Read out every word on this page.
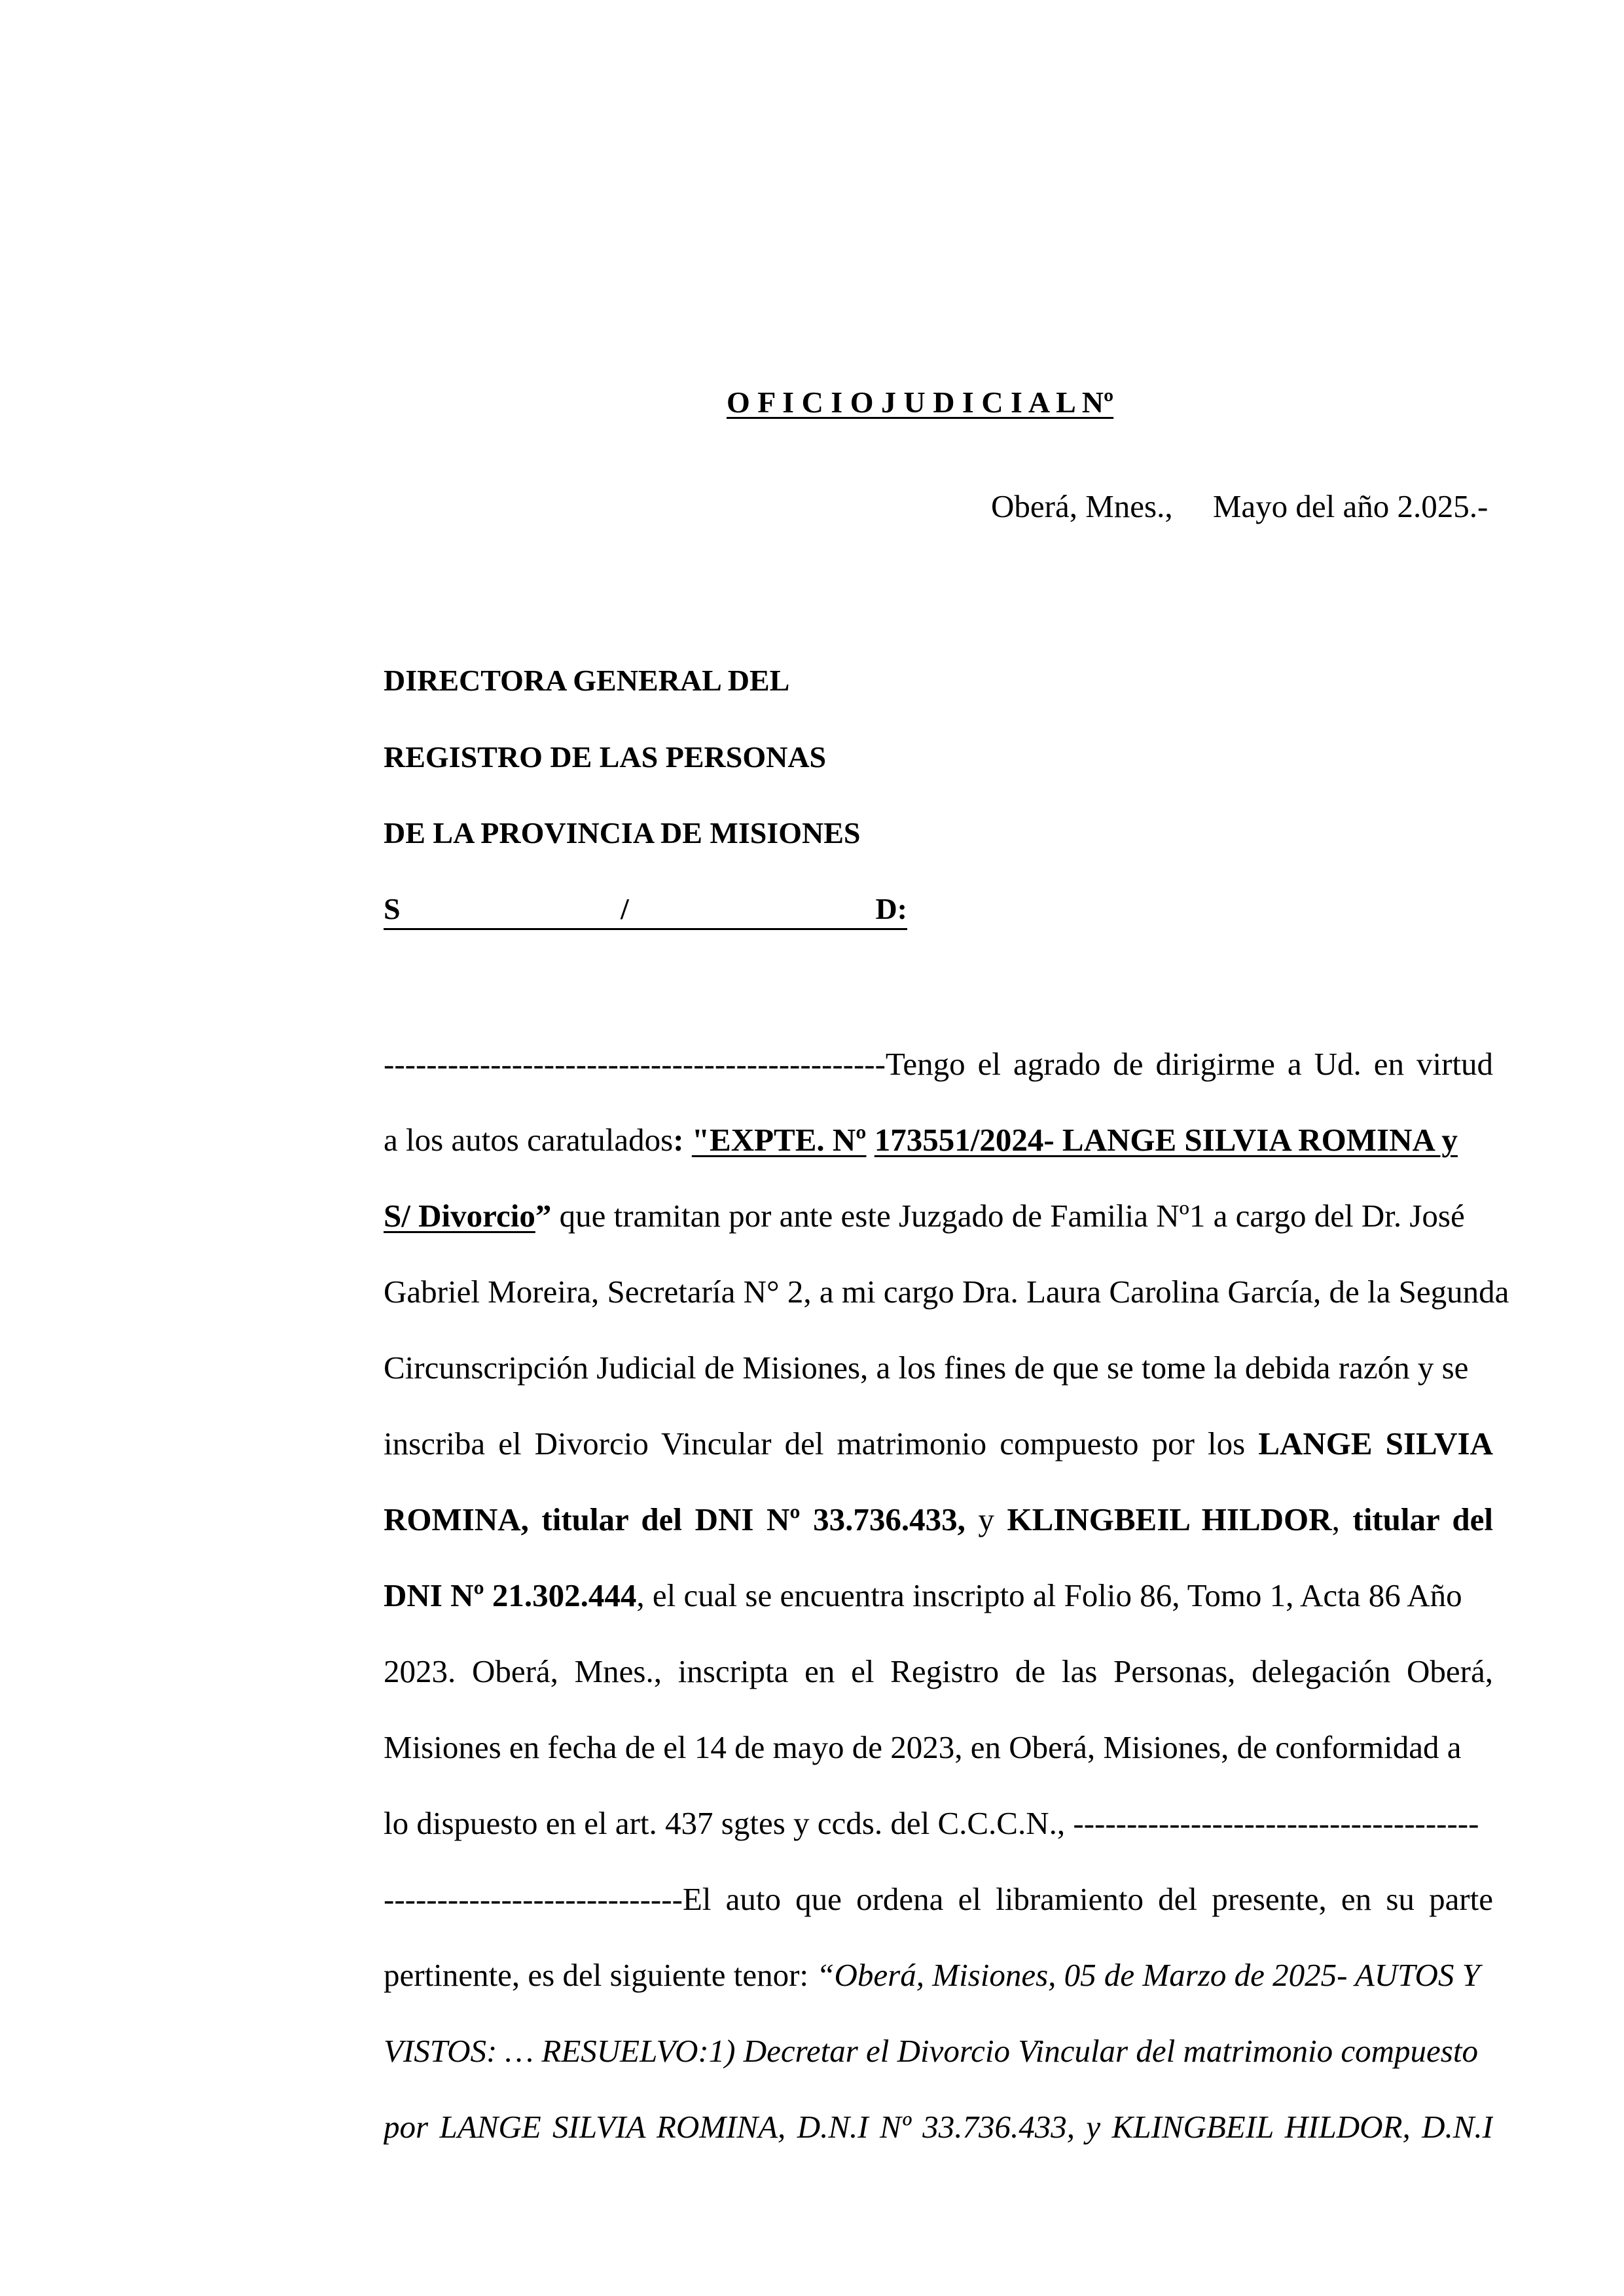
O F I C I O J U D I C I A L Nº
Oberá, Mnes., Mayo del año 2.025.-
DIRECTORA GENERAL DEL
REGISTRO DE LAS PERSONAS
DE LA PROVINCIA DE MISIONES
S	/	D:
-----------------------------------------------Tengo el agrado de dirigirme a Ud. en virtud
a los autos caratulados: "EXPTE. Nº 173551/2024- LANGE SILVIA ROMINA y
S/ Divorcio” que tramitan por ante este Juzgado de Familia Nº1 a cargo del Dr. José
Gabriel Moreira, Secretaría N° 2, a mi cargo Dra. Laura Carolina García, de la Segunda
Circunscripción Judicial de Misiones, a los fines de que se tome la debida razón y se
inscriba el Divorcio Vincular del matrimonio compuesto por los LANGE SILVIA
ROMINA, titular del DNI Nº 33.736.433, y KLINGBEIL HILDOR, titular del
DNI Nº 21.302.444, el cual se encuentra inscripto al Folio 86, Tomo 1, Acta 86 Año
2023. Oberá, Mnes., inscripta en el Registro de las Personas, delegación Oberá,
Misiones en fecha de el 14 de mayo de 2023, en Oberá, Misiones, de conformidad a
lo dispuesto en el art. 437 sgtes y ccds. del C.C.C.N., --------------------------------------
----------------------------El auto que ordena el libramiento del presente, en su parte
pertinente, es del siguiente tenor: “Oberá, Misiones, 05 de Marzo de 2025- AUTOS Y
VISTOS: … RESUELVO:1) Decretar el Divorcio Vincular del matrimonio compuesto
por LANGE SILVIA ROMINA, D.N.I Nº 33.736.433, y KLINGBEIL HILDOR, D.N.I
